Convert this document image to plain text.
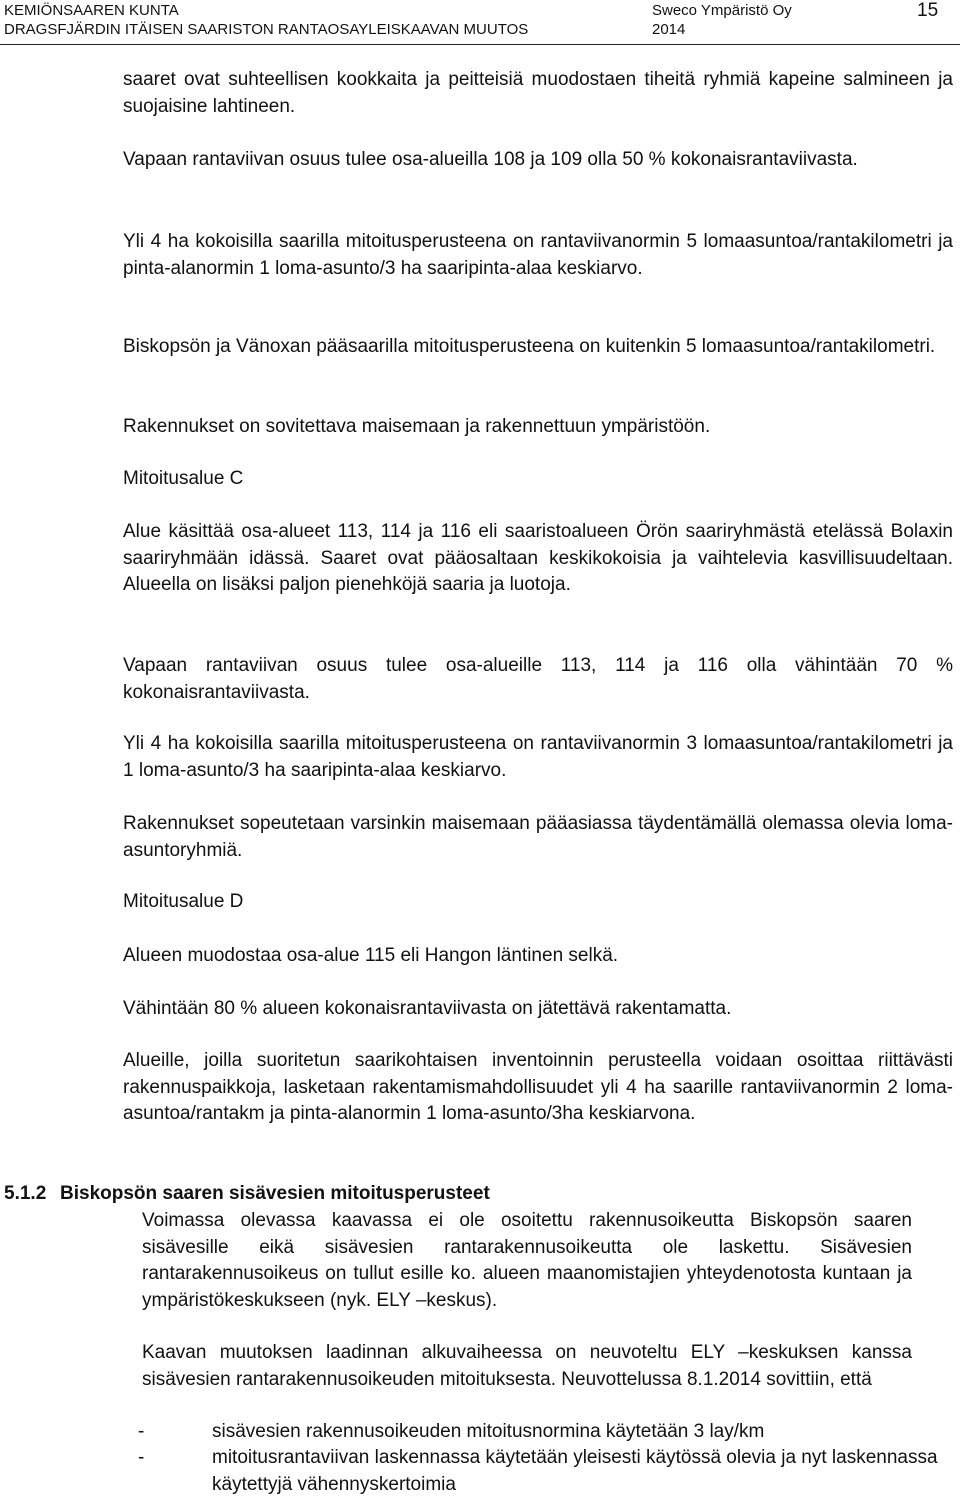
KEMIÖNSAAREN KUNTA
DRAGSFJÄRDIN ITÄISEN SAARISTON RANTAOSAYLEISKAAVAN MUUTOS
Sweco Ympäristö Oy
2014
15

saaret ovat suhteellisen kookkaita ja peitteisiä muodostaen tiheitä ryhmiä kapeine salmineen ja suojaisine lahtineen.

Vapaan rantaviivan osuus tulee osa-alueilla 108 ja 109 olla 50 % kokonaisrantaviivasta.

Yli 4 ha kokoisilla saarilla mitoitusperusteena on rantaviivanormin 5 lomaasuntoa/rantakilometri ja pinta-alanormin 1 loma-asunto/3 ha saaripinta-alaa keskiarvo.

Biskopsön ja Vänoxan pääsaarilla mitoitusperusteena on kuitenkin 5 lomaasuntoa/rantakilometri.

Rakennukset on sovitettava maisemaan ja rakennettuun ympäristöön.

Mitoitusalue C

Alue käsittää osa-alueet 113, 114 ja 116 eli saaristoalueen Örön saariryhmästä etelässä Bolaxin saariryhmään idässä. Saaret ovat pääosaltaan keskikokoisia ja vaihtelevia kasvillisuudeltaan. Alueella on lisäksi paljon pienehköjä saaria ja luotoja.

Vapaan rantaviivan osuus tulee osa-alueille 113, 114 ja 116 olla vähintään 70 % kokonaisrantaviivasta.

Yli 4 ha kokoisilla saarilla mitoitusperusteena on rantaviivanormin 3 lomaasuntoa/rantakilometri ja 1 loma-asunto/3 ha saaripinta-alaa keskiarvo.

Rakennukset sopeutetaan varsinkin maisemaan pääasiassa täydentämällä olemassa olevia loma-asuntoryhmiä.

Mitoitusalue D

Alueen muodostaa osa-alue 115 eli Hangon läntinen selkä.

Vähintään 80 % alueen kokonaisrantaviivasta on jätettävä rakentamatta.

Alueille, joilla suoritetun saarikohtaisen inventoinnin perusteella voidaan osoittaa riittävästi rakennuspaikkoja, lasketaan rakentamismahdollisuudet yli 4 ha saarille rantaviivanormin 2 loma-asuntoa/rantakm ja pinta-alanormin 1 loma-asunto/3ha keskiarvona.

5.1.2 Biskopsön saaren sisävesien mitoitusperusteet

Voimassa olevassa kaavassa ei ole osoitettu rakennusoikeutta Biskopsön saaren sisävesille eikä sisävesien rantarakennusoikeutta ole laskettu. Sisävesien rantarakennusoikeus on tullut esille ko. alueen maanomistajien yhteydenotosta kuntaan ja ympäristökeskukseen (nyk. ELY –keskus).

Kaavan muutoksen laadinnan alkuvaiheessa on neuvoteltu ELY –keskuksen kanssa sisävesien rantarakennusoikeuden mitoituksesta. Neuvottelussa 8.1.2014 sovittiin, että

-	sisävesien rakennusoikeuden mitoitusnormina käytetään 3 lay/km
-	mitoitusrantaviivan laskennassa käytetään yleisesti käytössä olevia ja nyt laskennassa käytettyjä vähennyskertoimia
